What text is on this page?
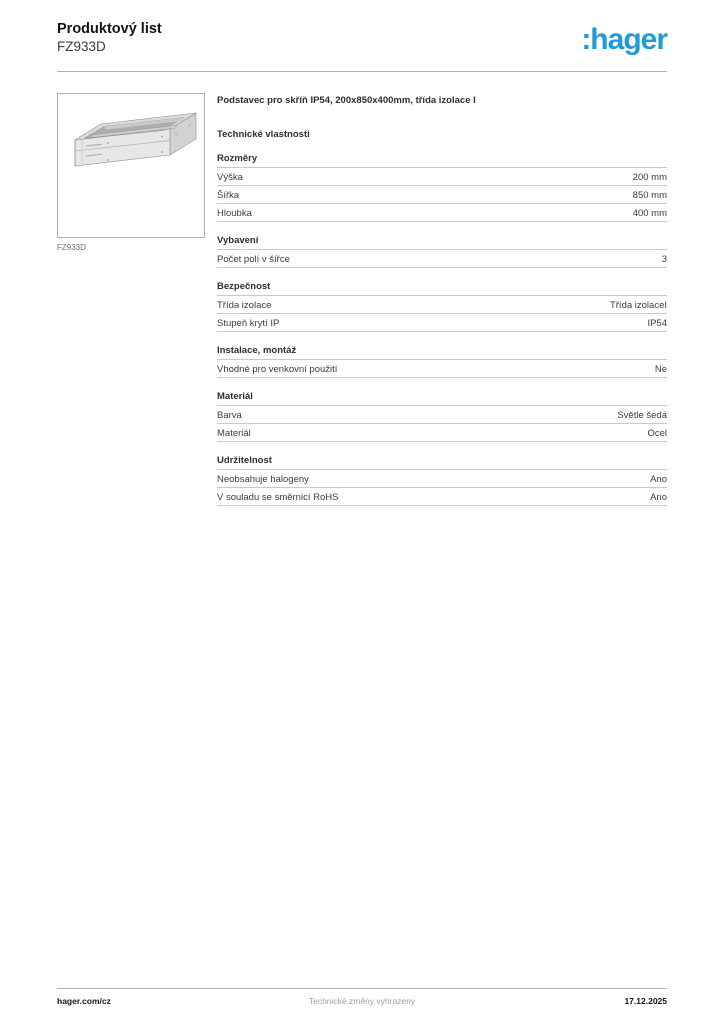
Produktový list
FZ933D	:hager
FZ933D
Podstavec pro skříň IP54, 200x850x400mm, třída izolace I
Technické vlastnosti
Rozměry
Výška	200 mm
Šířka	850 mm
Hloubka	400 mm
Vybavení
Počet polí v šířce	3
Bezpečnost
Třída izolace	Třída izolaceI
Stupeň krytí IP	IP54
Instalace, montáž
Vhodné pro venkovní použití	Ne
Materiál
Barva	Světle šedá
Materiál	Ocel
Udržitelnost
Neobsahuje halogeny	Ano
V souladu se směrnicí RoHS	Ano
hager.com/cz	Technické změny vyhrazeny	17.12.2025
